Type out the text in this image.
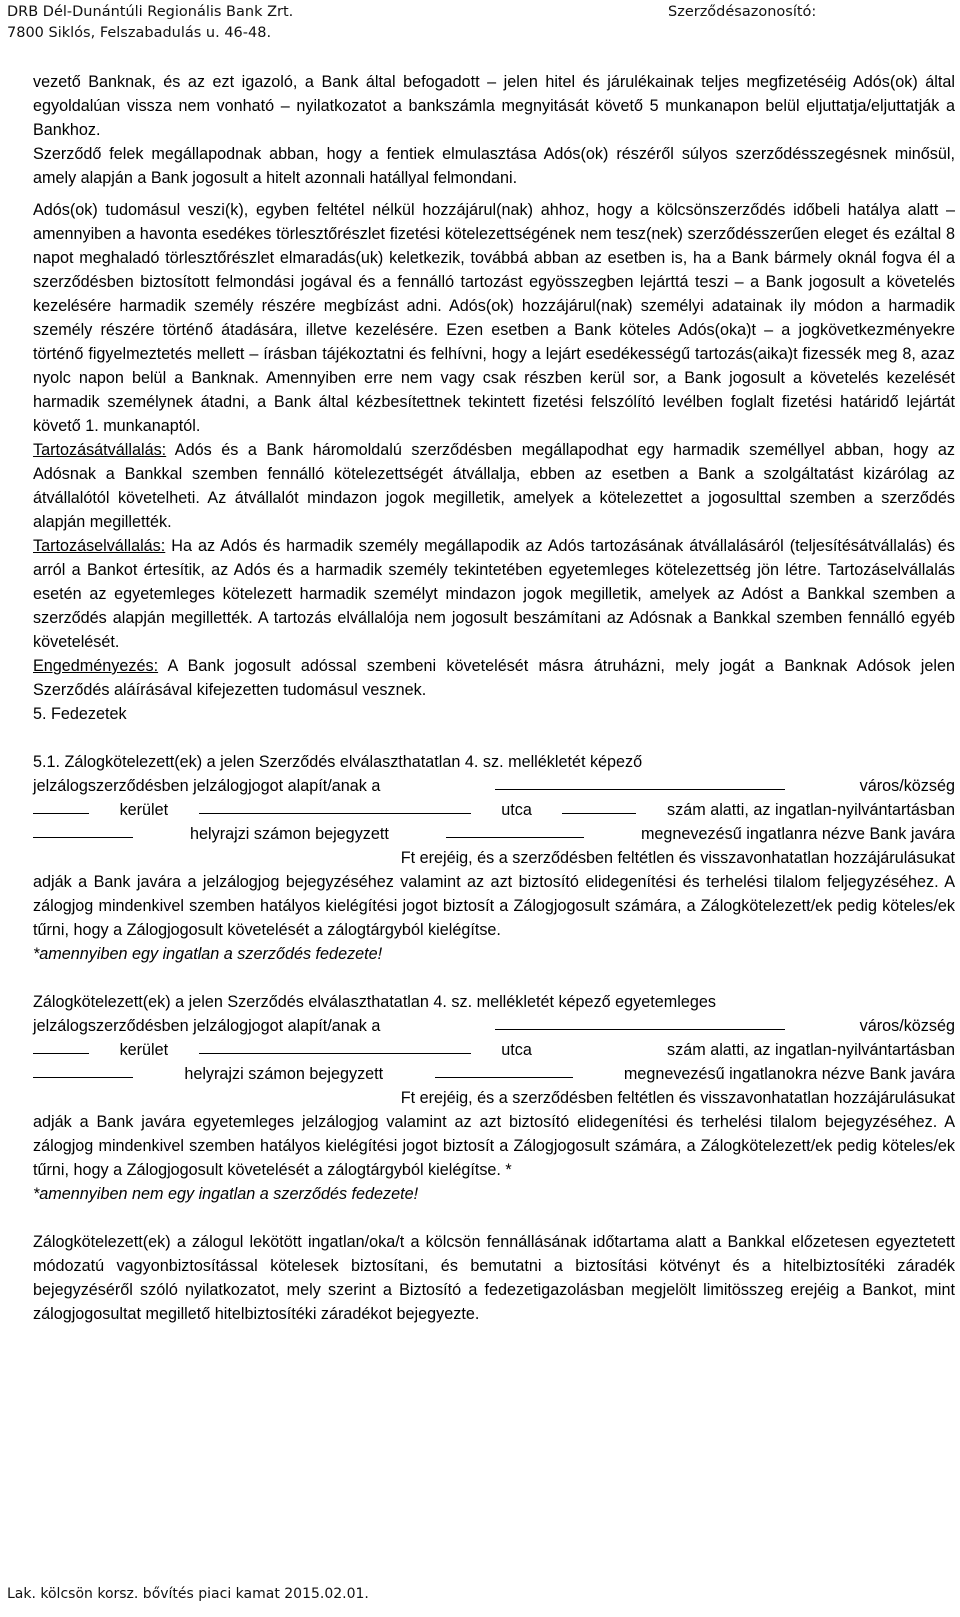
DRB Dél-Dunántúli Regionális Bank Zrt.
7800 Siklós, Felszabadulás u. 46-48.
Szerződésazonosító:

vezető Banknak, és az ezt igazoló, a Bank által befogadott – jelen hitel és járulékainak teljes megfizetéséig Adós(ok) által egyoldalúan vissza nem vonható – nyilatkozatot a bankszámla megnyitását követő 5 munkanapon belül eljuttatja/eljuttatják a Bankhoz.

Szerződő felek megállapodnak abban, hogy a fentiek elmulasztása Adós(ok) részéről súlyos szerződésszegésnek minősül, amely alapján a Bank jogosult a hitelt azonnali hatállyal felmondani.

Adós(ok) tudomásul veszi(k), egyben feltétel nélkül hozzájárul(nak) ahhoz, hogy a kölcsönszerződés időbeli hatálya alatt – amennyiben a havonta esedékes törlesztőrészlet fizetési kötelezettségének nem tesz(nek) szerződésszerűen eleget és ezáltal 8 napot meghaladó törlesztőrészlet elmaradás(uk) keletkezik, továbbá abban az esetben is, ha a Bank bármely oknál fogva él a szerződésben biztosított felmondási jogával és a fennálló tartozást egyösszegben lejárttá teszi – a Bank jogosult a követelés kezelésére harmadik személy részére megbízást adni. Adós(ok) hozzájárul(nak) személyi adatainak ily módon a harmadik személy részére történő átadására, illetve kezelésére. Ezen esetben a Bank köteles Adós(oka)t – a jogkövetkezményekre történő figyelmeztetés mellett – írásban tájékoztatni és felhívni, hogy a lejárt esedékességű tartozás(aika)t fizessék meg 8, azaz nyolc napon belül a Banknak. Amennyiben erre nem vagy csak részben kerül sor, a Bank jogosult a követelés kezelését harmadik személynek átadni, a Bank által kézbesítettnek tekintett fizetési felszólító levélben foglalt fizetési határidő lejártát követő 1. munkanaptól.

Tartozásátvállalás: Adós és a Bank háromoldalú szerződésben megállapodhat egy harmadik személlyel abban, hogy az Adósnak a Bankkal szemben fennálló kötelezettségét átvállalja, ebben az esetben a Bank a szolgáltatást kizárólag az átvállalótól követelheti. Az átvállalót mindazon jogok megilletik, amelyek a kötelezettet a jogosulttal szemben a szerződés alapján megillették.

Tartozáselvállalás: Ha az Adós és harmadik személy megállapodik az Adós tartozásának átvállalásáról (teljesítésátvállalás) és arról a Bankot értesítik, az Adós és a harmadik személy tekintetében egyetemleges kötelezettség jön létre. Tartozáselvállalás esetén az egyetemleges kötelezett harmadik személyt mindazon jogok megilletik, amelyek az Adóst a Bankkal szemben a szerződés alapján megillették. A tartozás elvállalója nem jogosult beszámítani az Adósnak a Bankkal szemben fennálló egyéb követelését.

Engedményezés: A Bank jogosult adóssal szembeni követelését másra átruházni, mely jogát a Banknak Adósok jelen Szerződés aláírásával kifejezetten tudomásul vesznek.

5. Fedezetek

5.1. Zálogkötelezett(ek) a jelen Szerződés elválaszthatatlan 4. sz. mellékletét képező
jelzálogszerződésben jelzálogjogot alapít/anak a	város/község
kerület	utca	szám alatti, az ingatlan-nyilvántartásban
helyrajzi számon bejegyzett	megnevezésű ingatlanra nézve Bank javára
Ft erejéig, és a szerződésben feltétlen és visszavonhatatlan hozzájárulásukat

adják a Bank javára a jelzálogjog bejegyzéséhez valamint az azt biztosító elidegenítési és terhelési tilalom feljegyzéséhez. A zálogjog mindenkivel szemben hatályos kielégítési jogot biztosít a Zálogjogosult számára, a Zálogkötelezett/ek pedig köteles/ek tűrni, hogy a Zálogjogosult követelését a zálogtárgyból kielégítse.

*amennyiben egy ingatlan a szerződés fedezete!

Zálogkötelezett(ek) a jelen Szerződés elválaszthatatlan 4. sz. mellékletét képező egyetemleges
jelzálogszerződésben jelzálogjogot alapít/anak a	város/község
kerület	utca	szám alatti, az ingatlan-nyilvántartásban
helyrajzi számon bejegyzett	megnevezésű ingatlanokra nézve Bank javára
Ft erejéig, és a szerződésben feltétlen és visszavonhatatlan hozzájárulásukat

adják a Bank javára egyetemleges jelzálogjog valamint az azt biztosító elidegenítési és terhelési tilalom bejegyzéséhez. A zálogjog mindenkivel szemben hatályos kielégítési jogot biztosít a Zálogjogosult számára, a Zálogkötelezett/ek pedig köteles/ek tűrni, hogy a Zálogjogosult követelését a zálogtárgyból kielégítse. *

*amennyiben nem egy ingatlan a szerződés fedezete!

Zálogkötelezett(ek) a zálogul lekötött ingatlan/oka/t a kölcsön fennállásának időtartama alatt a Bankkal előzetesen egyeztetett módozatú vagyonbiztosítással kötelesek biztosítani, és bemutatni a biztosítási kötvényt és a hitelbiztosítéki záradék bejegyzéséről szóló nyilatkozatot, mely szerint a Biztosító a fedezetigazolásban megjelölt limitösszeg erejéig a Bankot, mint zálogjogosultat megillető hitelbiztosítéki záradékot bejegyezte.

Lak. kölcsön korsz. bővítés piaci kamat 2015.02.01.
